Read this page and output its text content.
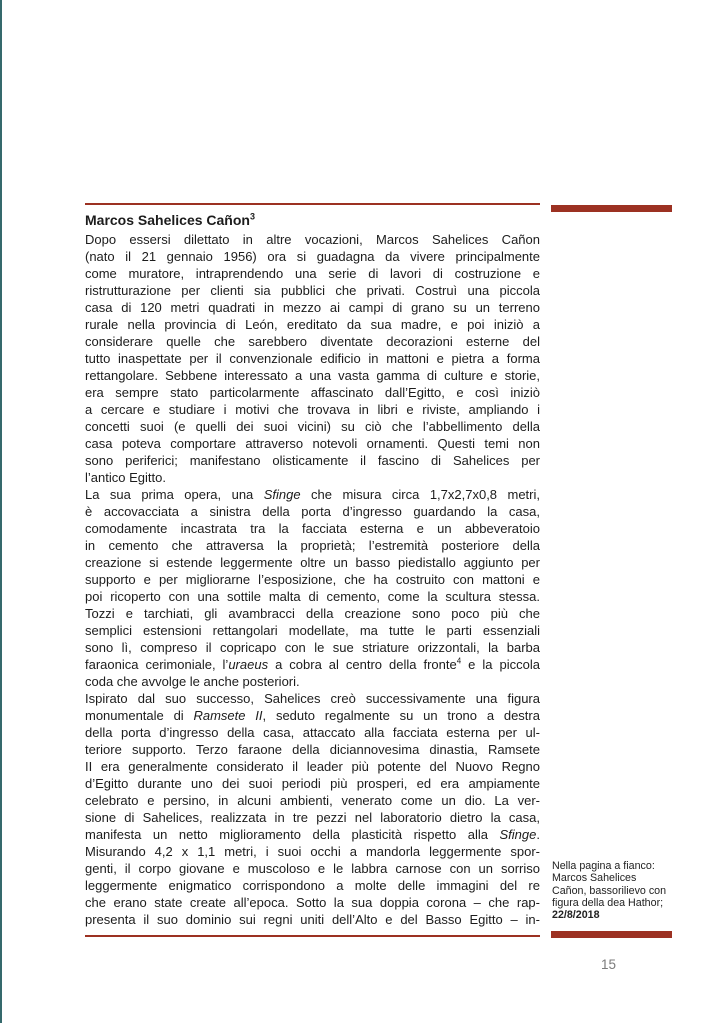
Marcos Sahelices Cañon$^3$
Dopo essersi dilettato in altre vocazioni, Marcos Sahelices Cañon
(nato il 21 gennaio 1956) ora si guadagna da vivere principalmente
come muratore, intraprendendo una serie di lavori di costruzione e
ristrutturazione per clienti sia pubblici che privati. Costruì una piccola
casa di 120 metri quadrati in mezzo ai campi di grano su un terreno
rurale nella provincia di León, ereditato da sua madre, e poi iniziò a
considerare quelle che sarebbero diventate decorazioni esterne del
tutto inaspettate per il convenzionale edificio in mattoni e pietra a forma
rettangolare. Sebbene interessato a una vasta gamma di culture e storie,
era sempre stato particolarmente affascinato dall’Egitto, e così iniziò
a cercare e studiare i motivi che trovava in libri e riviste, ampliando i
concetti suoi (e quelli dei suoi vicini) su ciò che l’abbellimento della
casa poteva comportare attraverso notevoli ornamenti. Questi temi non
sono periferici; manifestano olisticamente il fascino di Sahelices per
l’antico Egitto.
La sua prima opera, una Sfinge che misura circa 1,7x2,7x0,8 metri,
è accovacciata a sinistra della porta d’ingresso guardando la casa,
comodamente incastrata tra la facciata esterna e un abbeveratoio
in cemento che attraversa la proprietà; l’estremità posteriore della
creazione si estende leggermente oltre un basso piedistallo aggiunto per
supporto e per migliorarne l’esposizione, che ha costruito con mattoni e
poi ricoperto con una sottile malta di cemento, come la scultura stessa.
Tozzi e tarchiati, gli avambracci della creazione sono poco più che
semplici estensioni rettangolari modellate, ma tutte le parti essenziali
sono lì, compreso il copricapo con le sue striature orizzontali, la barba
faraonica cerimoniale, l’uraeus a cobra al centro della fronte$^4$ e la piccola
coda che avvolge le anche posteriori.
Ispirato dal suo successo, Sahelices creò successivamente una figura
monumentale di Ramsete II, seduto regalmente su un trono a destra
della porta d’ingresso della casa, attaccato alla facciata esterna per ul-
teriore supporto. Terzo faraone della diciannovesima dinastia, Ramsete
II era generalmente considerato il leader più potente del Nuovo Regno
d’Egitto durante uno dei suoi periodi più prosperi, ed era ampiamente
celebrato e persino, in alcuni ambienti, venerato come un dio. La ver-
sione di Sahelices, realizzata in tre pezzi nel laboratorio dietro la casa,
manifesta un netto miglioramento della plasticità rispetto alla Sfinge.
Misurando 4,2 x 1,1 metri, i suoi occhi a mandorla leggermente spor-
genti, il corpo giovane e muscoloso e le labbra carnose con un sorriso
leggermente enigmatico corrispondono a molte delle immagini del re
che erano state create all’epoca. Sotto la sua doppia corona – che rap-
presenta il suo dominio sui regni uniti dell’Alto e del Basso Egitto – in-
Nella pagina a fianco:
Marcos Sahelices
Cañon, bassorilievo con
figura della dea Hathor;
22/8/2018
15
